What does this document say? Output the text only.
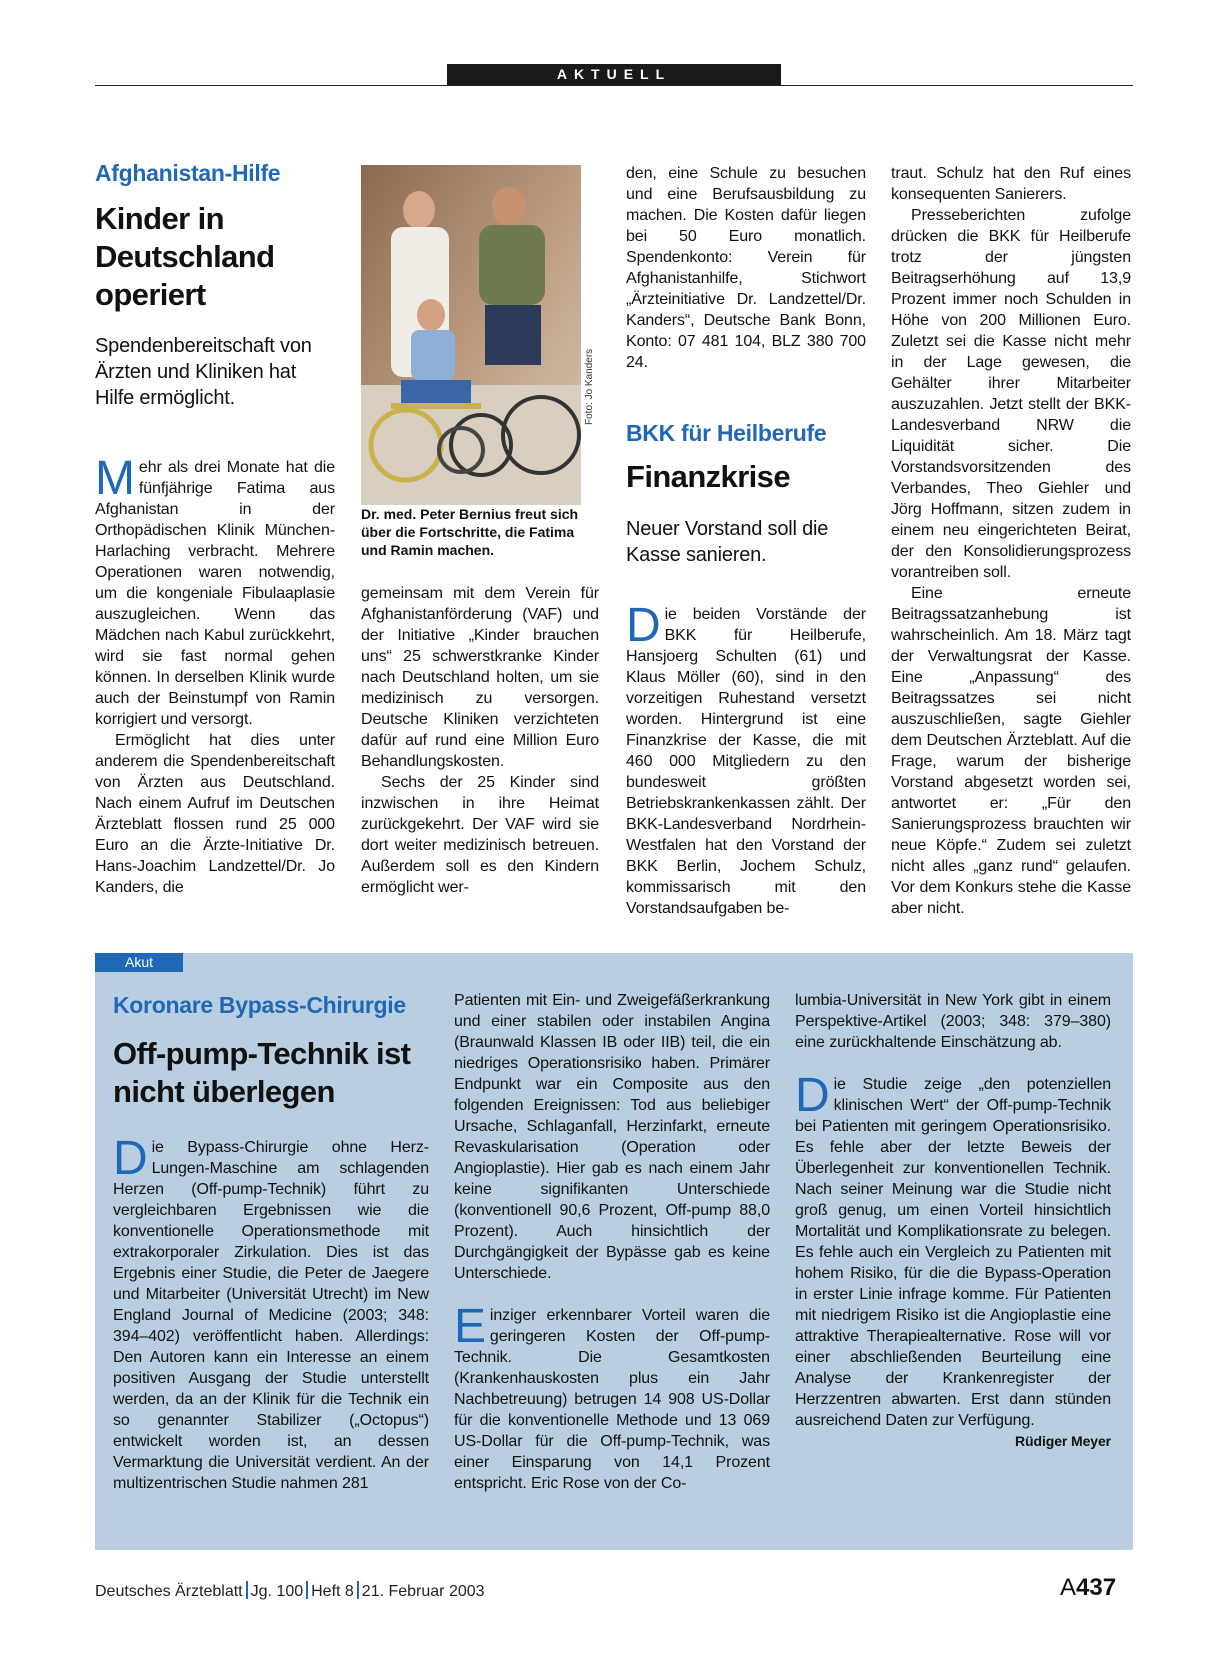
AKTUELL
Afghanistan-Hilfe
Kinder in
Deutschland
operiert
Spendenbereitschaft von Ärzten und Kliniken hat Hilfe ermöglicht.

Mehr als drei Monate hat die fünfjährige Fatima aus Afghanistan in der Orthopädischen Klinik München-Harlaching verbracht. Mehrere Operationen waren notwendig, um die kongeniale Fibulaaplasie auszugleichen. Wenn das Mädchen nach Kabul zurückkehrt, wird sie fast normal gehen können. In derselben Klinik wurde auch der Beinstumpf von Ramin korrigiert und versorgt.

Ermöglicht hat dies unter anderem die Spendenbereitschaft von Ärzten aus Deutschland. Nach einem Aufruf im Deutschen Ärzteblatt flossen rund 25 000 Euro an die Ärzte-Initiative Dr. Hans-Joachim Landzettel/Dr. Jo Kanders, die

Foto: Jo Kanders
Dr. med. Peter Bernius freut sich über die Fortschritte, die Fatima und Ramin machen.

gemeinsam mit dem Verein für Afghanistanförderung (VAF) und der Initiative „Kinder brauchen uns“ 25 schwerstkranke Kinder nach Deutschland holten, um sie medizinisch zu versorgen. Deutsche Kliniken verzichteten dafür auf rund eine Million Euro Behandlungskosten.

Sechs der 25 Kinder sind inzwischen in ihre Heimat zurückgekehrt. Der VAF wird sie dort weiter medizinisch betreuen. Außerdem soll es den Kindern ermöglicht wer-

den, eine Schule zu besuchen und eine Berufsausbildung zu machen. Die Kosten dafür liegen bei 50 Euro monatlich. Spendenkonto: Verein für Afghanistanhilfe, Stichwort „Ärzteinitiative Dr. Landzettel/Dr. Kanders“, Deutsche Bank Bonn, Konto: 07 481 104, BLZ 380 700 24.

BKK für Heilberufe
Finanzkrise
Neuer Vorstand soll die Kasse sanieren.

Die beiden Vorstände der BKK für Heilberufe, Hansjoerg Schulten (61) und Klaus Möller (60), sind in den vorzeitigen Ruhestand versetzt worden. Hintergrund ist eine Finanzkrise der Kasse, die mit 460 000 Mitgliedern zu den bundesweit größten Betriebskrankenkassen zählt. Der BKK-Landesverband Nordrhein-Westfalen hat den Vorstand der BKK Berlin, Jochem Schulz, kommissarisch mit den Vorstandsaufgaben be-

traut. Schulz hat den Ruf eines konsequenten Sanierers.

Presseberichten zufolge drücken die BKK für Heilberufe trotz der jüngsten Beitragserhöhung auf 13,9 Prozent immer noch Schulden in Höhe von 200 Millionen Euro. Zuletzt sei die Kasse nicht mehr in der Lage gewesen, die Gehälter ihrer Mitarbeiter auszuzahlen. Jetzt stellt der BKK-Landesverband NRW die Liquidität sicher. Die Vorstandsvorsitzenden des Verbandes, Theo Giehler und Jörg Hoffmann, sitzen zudem in einem neu eingerichteten Beirat, der den Konsolidierungsprozess vorantreiben soll.

Eine erneute Beitragssatzanhebung ist wahrscheinlich. Am 18. März tagt der Verwaltungsrat der Kasse. Eine „Anpassung“ des Beitragssatzes sei nicht auszuschließen, sagte Giehler dem Deutschen Ärzteblatt. Auf die Frage, warum der bisherige Vorstand abgesetzt worden sei, antwortet er: „Für den Sanierungsprozess brauchten wir neue Köpfe.“ Zudem sei zuletzt nicht alles „ganz rund“ gelaufen. Vor dem Konkurs stehe die Kasse aber nicht.

Akut
Koronare Bypass-Chirurgie
Off-pump-Technik ist
nicht überlegen

Die Bypass-Chirurgie ohne Herz-Lungen-Maschine am schlagenden Herzen (Off-pump-Technik) führt zu vergleichbaren Ergebnissen wie die konventionelle Operationsmethode mit extrakorporaler Zirkulation. Dies ist das Ergebnis einer Studie, die Peter de Jaegere und Mitarbeiter (Universität Utrecht) im New England Journal of Medicine (2003; 348: 394–402) veröffentlicht haben. Allerdings: Den Autoren kann ein Interesse an einem positiven Ausgang der Studie unterstellt werden, da an der Klinik für die Technik ein so genannter Stabilizer („Octopus“) entwickelt worden ist, an dessen Vermarktung die Universität verdient. An der multizentrischen Studie nahmen 281

Patienten mit Ein- und Zweigefäßerkrankung und einer stabilen oder instabilen Angina (Braunwald Klassen IB oder IIB) teil, die ein niedriges Operationsrisiko haben. Primärer Endpunkt war ein Composite aus den folgenden Ereignissen: Tod aus beliebiger Ursache, Schlaganfall, Herzinfarkt, erneute Revaskularisation (Operation oder Angioplastie). Hier gab es nach einem Jahr keine signifikanten Unterschiede (konventionell 90,6 Prozent, Off-pump 88,0 Prozent). Auch hinsichtlich der Durchgängigkeit der Bypässe gab es keine Unterschiede.

Einziger erkennbarer Vorteil waren die geringeren Kosten der Off-pump-Technik. Die Gesamtkosten (Krankenhauskosten plus ein Jahr Nachbetreuung) betrugen 14 908 US-Dollar für die konventionelle Methode und 13 069 US-Dollar für die Off-pump-Technik, was einer Einsparung von 14,1 Prozent entspricht. Eric Rose von der Co-

lumbia-Universität in New York gibt in einem Perspektive-Artikel (2003; 348: 379–380) eine zurückhaltende Einschätzung ab.

Die Studie zeige „den potenziellen klinischen Wert“ der Off-pump-Technik bei Patienten mit geringem Operationsrisiko. Es fehle aber der letzte Beweis der Überlegenheit zur konventionellen Technik. Nach seiner Meinung war die Studie nicht groß genug, um einen Vorteil hinsichtlich Mortalität und Komplikationsrate zu belegen. Es fehle auch ein Vergleich zu Patienten mit hohem Risiko, für die die Bypass-Operation in erster Linie infrage komme. Für Patienten mit niedrigem Risiko ist die Angioplastie eine attraktive Therapiealternative. Rose will vor einer abschließenden Beurteilung eine Analyse der Krankenregister der Herzzentren abwarten. Erst dann stünden ausreichend Daten zur Verfügung.
Rüdiger Meyer

Deutsches Ärzteblatt Jg. 100 Heft 8 21. Februar 2003	A437
